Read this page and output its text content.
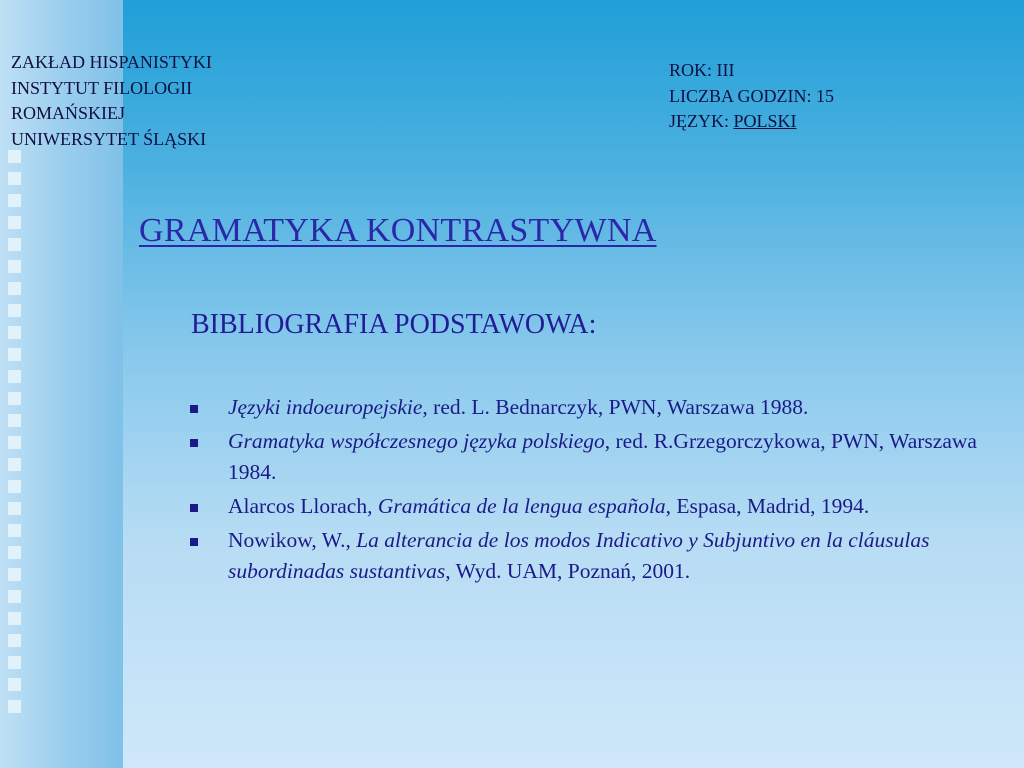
ZAKŁAD HISPANISTYKI
INSTYTUT FILOLOGII
ROMAŃSKIEJ
UNIWERSYTET ŚLĄSKI
ROK: III
LICZBA GODZIN: 15
JĘZYK: POLSKI
GRAMATYKA KONTRASTYWNA
BIBLIOGRAFIA PODSTAWOWA:
Języki indoeuropejskie, red. L. Bednarczyk, PWN, Warszawa 1988.
Gramatyka współczesnego języka polskiego, red. R.Grzegorczykowa, PWN, Warszawa 1984.
Alarcos Llorach, Gramática de la lengua española, Espasa, Madrid, 1994.
Nowikow, W., La alterancia de los modos Indicativo y Subjuntivo en la cláusulas subordinadas sustantivas, Wyd. UAM, Poznań, 2001.
